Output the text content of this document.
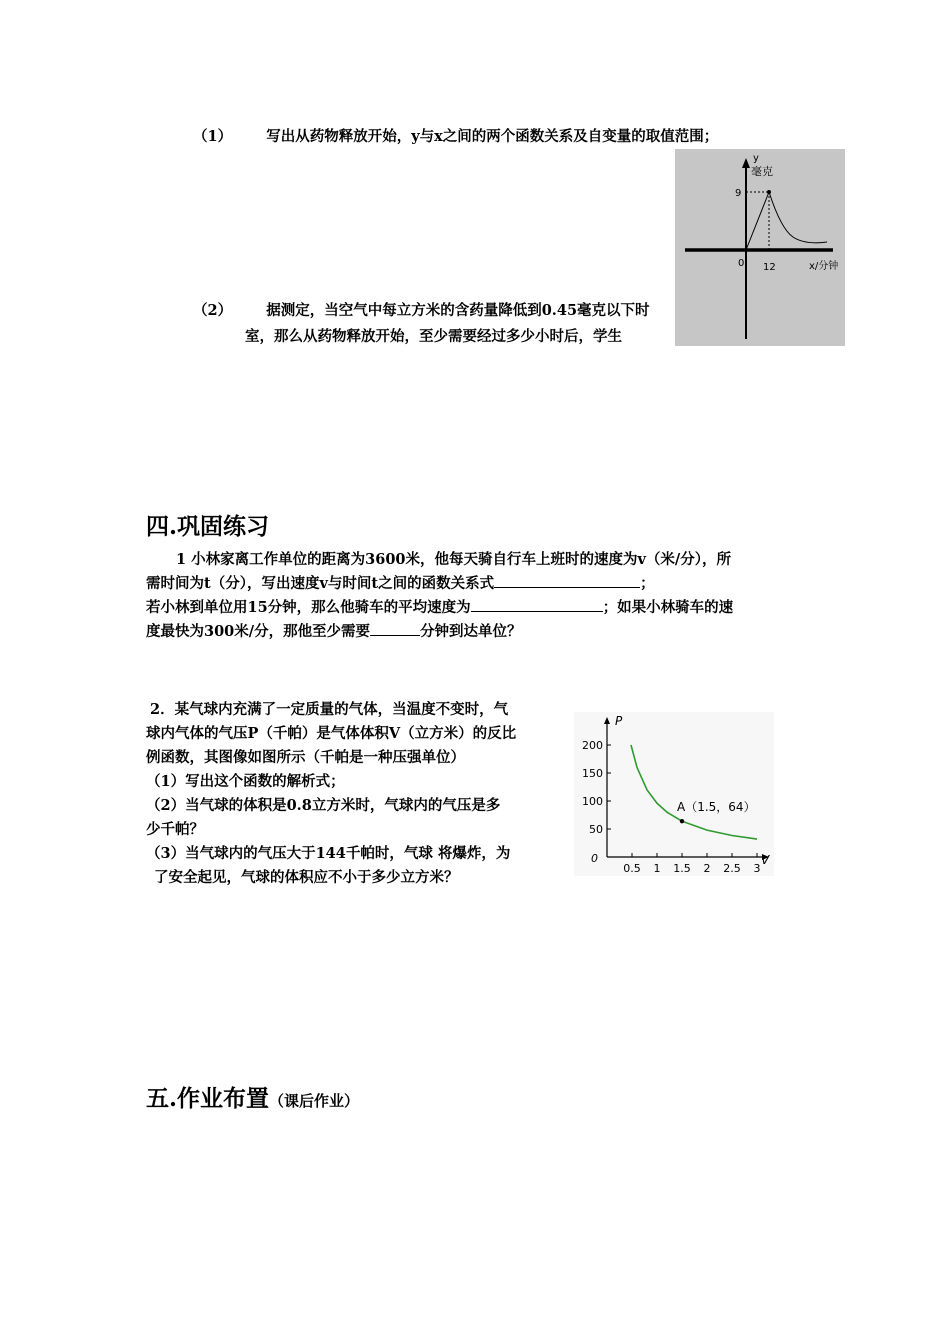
（1） 写出从药物释放开始，y与x之间的两个函数关系及自变量的取值范围；
（2） 据测定，当空气中每立方米的含药量降低到0.45毫克以下时
室，那么从药物释放开始，至少需要经过多少小时后，学生
y
毫克
9
0 12	x/分钟
四.巩固练习
1 小林家离工作单位的距离为3600米，他每天骑自行车上班时的速度为v（米/分），所
需时间为t（分），写出速度v与时间t之间的函数关系式	；
若小林到单位用15分钟，那么他骑车的平均速度为	；如果小林骑车的速
度最快为300米/分，那他至少需要	分钟到达单位？
2．某气球内充满了一定质量的气体，当温度不变时，气
球内气体的气压P（千帕）是气体体积V（立方米）的反比
例函数，其图像如图所示（千帕是一种压强单位）
（1）写出这个函数的解析式；
（2）当气球的体积是0.8立方米时，气球内的气压是多
少千帕？
（3）当气球内的气压大于144千帕时，气球 将爆炸，为
了安全起见，气球的体积应不小于多少立方米？
P
V
0
50
100
150
200
0.5 1 1.5 2 2.5 3
A（1.5，64）
五.作业布置（课后作业）
